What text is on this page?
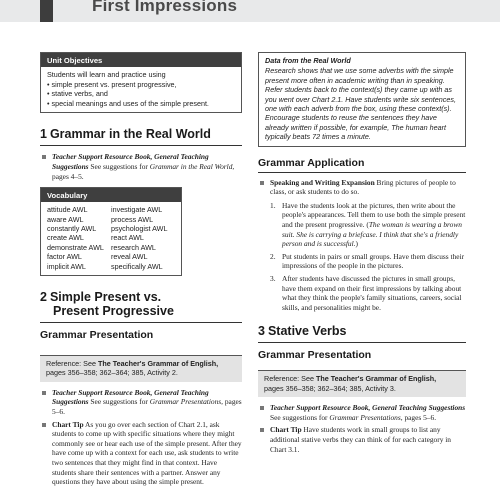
First Impressions
Unit Objectives
Students will learn and practice using
• simple present vs. present progressive,
• stative verbs, and
• special meanings and uses of the simple present.
1 Grammar in the Real World
Teacher Support Resource Book, General Teaching Suggestions See suggestions for Grammar in the Real World, pages 4–5.
Vocabulary
attitude AWL
aware AWL
constantly AWL
create AWL
demonstrate AWL
factor AWL
implicit AWL
investigate AWL
process AWL
psychologist AWL
react AWL
research AWL
reveal AWL
specifically AWL
2 Simple Present vs.
Present Progressive
Grammar Presentation
Reference: See The Teacher's Grammar of English,
pages 356–358; 362–364; 385, Activity 2.
Teacher Support Resource Book, General Teaching Suggestions See suggestions for Grammar Presentations, pages 5–6.
Chart Tip As you go over each section of Chart 2.1, ask students to come up with specific situations where they might commonly see or hear each use of the simple present. After they have come up with a context for each use, ask students to write two sentences that they might find in that context. Have students share their sentences with a partner. Answer any questions they have about using the simple present.
Data from the Real World
Research shows that we use some adverbs with the simple present more often in academic writing than in speaking. Refer students back to the context(s) they came up with as you went over Chart 2.1. Have students write six sentences, one with each adverb from the box, using these context(s). Encourage students to reuse the sentences they have already written if possible, for example, The human heart typically beats 72 times a minute.
Grammar Application
Speaking and Writing Expansion Bring pictures of people to class, or ask students to do so.
1. Have the students look at the pictures, then write about the people's appearances. Tell them to use both the simple present and the present progressive. (The woman is wearing a brown suit. She is carrying a briefcase. I think that she's a friendly person and is successful.)
2. Put students in pairs or small groups. Have them discuss their impressions of the people in the pictures.
3. After students have discussed the pictures in small groups, have them expand on their first impressions by talking about what they think the people's family situations, careers, social skills, and personalities might be.
3 Stative Verbs
Grammar Presentation
Reference: See The Teacher's Grammar of English,
pages 356–358; 362–364; 385, Activity 3.
Teacher Support Resource Book, General Teaching Suggestions See suggestions for Grammar Presentations, pages 5–6.
Chart Tip Have students work in small groups to list any additional stative verbs they can think of for each category in Chart 3.1.
